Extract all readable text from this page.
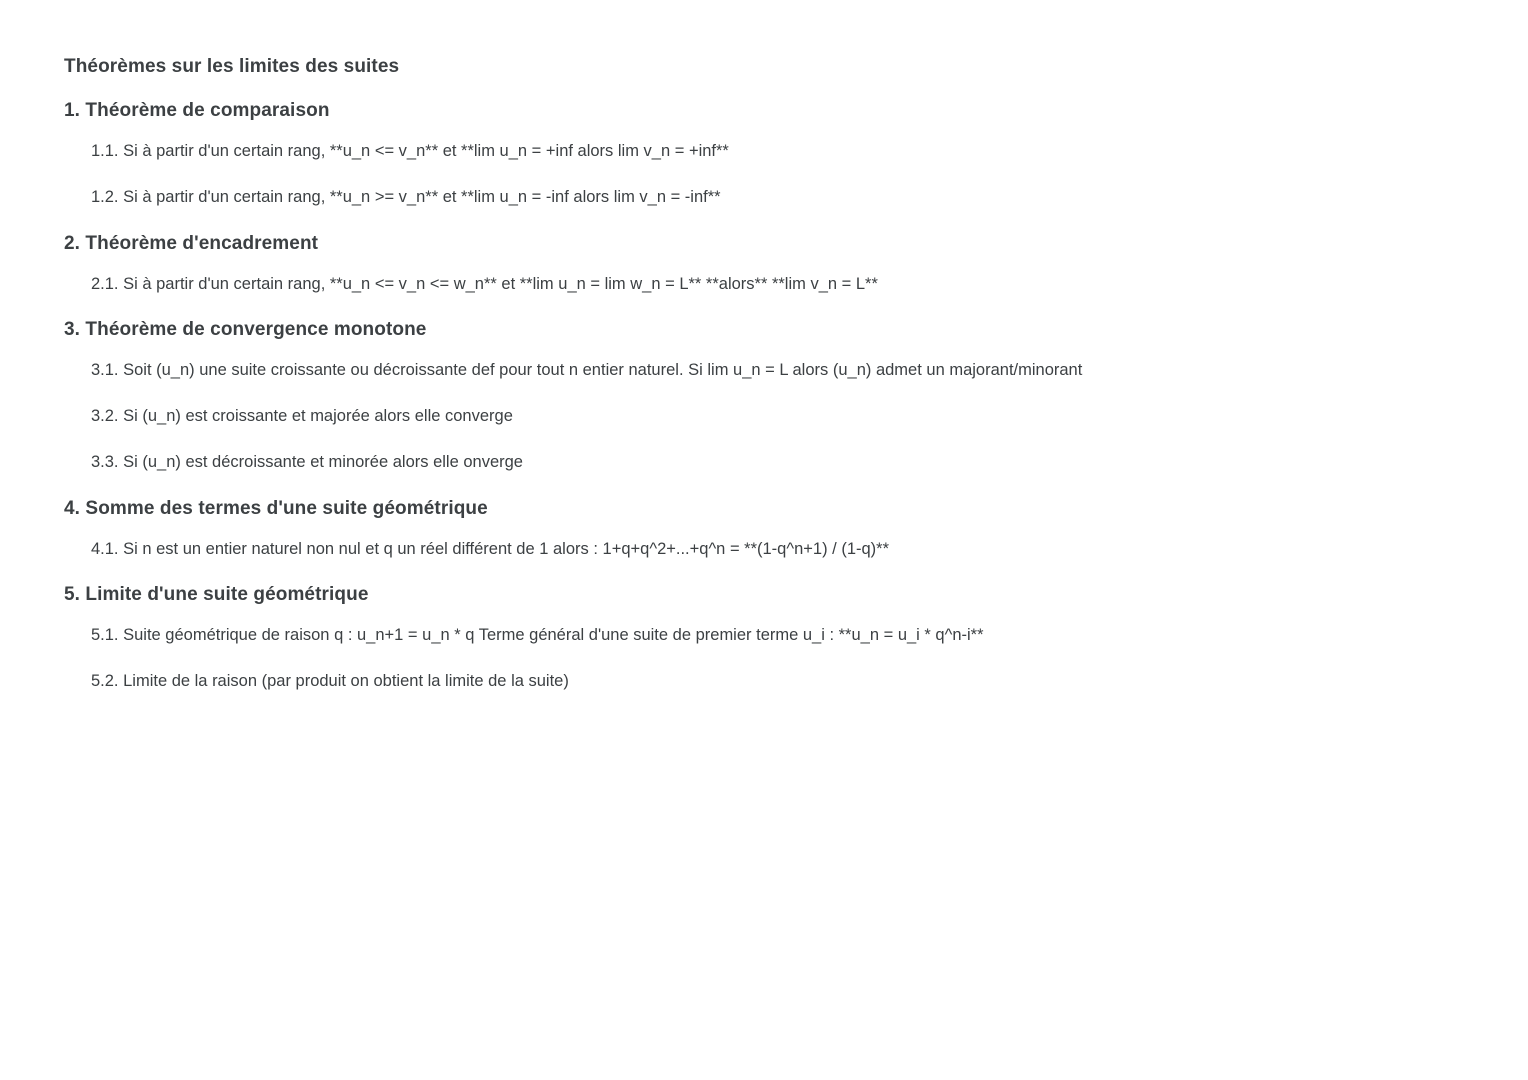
Théorèmes sur les limites des suites
1. Théorème de comparaison
1.1. Si à partir d'un certain rang, **u_n <= v_n** et **lim u_n = +inf alors lim v_n = +inf**
1.2. Si à partir d'un certain rang, **u_n >= v_n** et **lim u_n = -inf alors lim v_n = -inf**
2. Théorème d'encadrement
2.1. Si à partir d'un certain rang, **u_n <= v_n <= w_n** et **lim u_n = lim w_n = L** **alors** **lim v_n = L**
3. Théorème de convergence monotone
3.1. Soit (u_n) une suite croissante ou décroissante def pour tout n entier naturel. Si lim u_n = L alors (u_n) admet un majorant/minorant
3.2. Si (u_n) est croissante et majorée alors elle converge
3.3. Si (u_n) est décroissante et minorée alors elle onverge
4. Somme des termes d'une suite géométrique
4.1. Si n est un entier naturel non nul et q un réel différent de 1 alors : 1+q+q^2+...+q^n = **(1-q^n+1) / (1-q)**
5. Limite d'une suite géométrique
5.1. Suite géométrique de raison q : u_n+1 = u_n * q Terme général d'une suite de premier terme u_i : **u_n = u_i * q^n-i**
5.2. Limite de la raison (par produit on obtient la limite de la suite)
